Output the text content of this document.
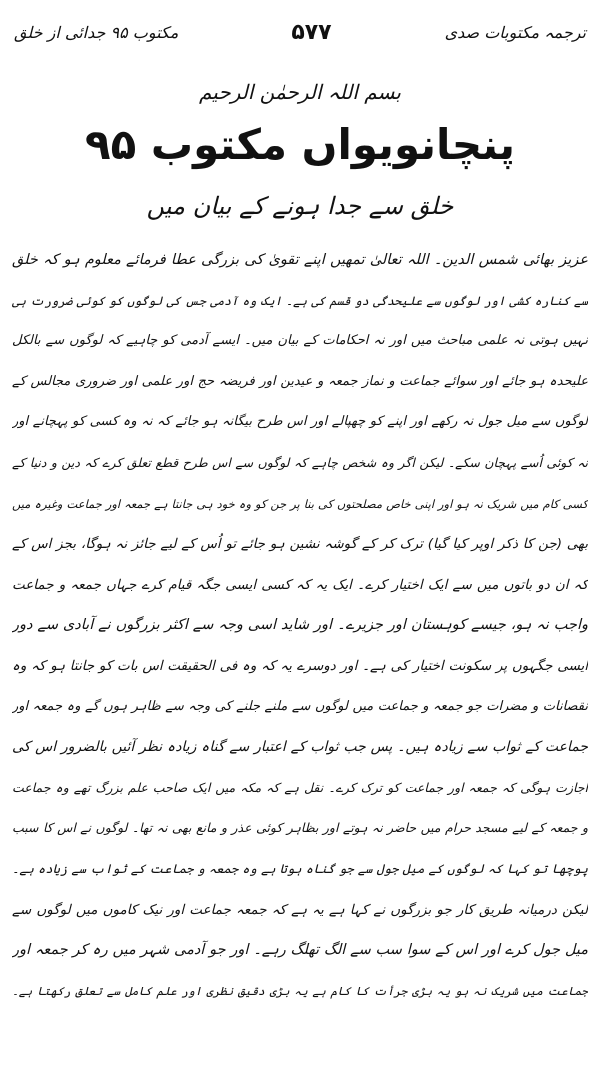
ترجمہ مکتوبات صدی
۵۷۷
مکتوب ۹۵ جدائی از خلق
بسم اللہ الرحمٰن الرحیم
پنچانویواں مکتوب ۹۵
خلق سے جدا ہونے کے بیان میں
عزیز بھائی شمس الدین۔ اللہ تعالیٰ تمھیں اپنے تقویٰ کی بزرگی عطا فرمائے معلوم ہو کہ خلق
سے کنارہ کشی اور لوگوں سے علیحدگی دو قسم کی ہے۔ ایک وہ آدمی جس کی لوگوں کو کوئی ضرورت ہی
نہیں ہوتی نہ علمی مباحث میں اور نہ احکامات کے بیان میں۔ ایسے آدمی کو چاہیے کہ لوگوں سے بالکل
علیحدہ ہو جائے اور سوائے جماعت و نماز جمعہ و عیدین اور فریضہ حج اور علمی اور ضروری مجالس کے
لوگوں سے میل جول نہ رکھے اور اپنے کو چھپالے اور اس طرح بیگانہ ہو جائے کہ نہ وہ کسی کو پہچانے اور
نہ کوئی اُسے پہچان سکے۔ لیکن اگر وہ شخص چاہے کہ لوگوں سے اس طرح قطع تعلق کرے کہ دین و دنیا کے
کسی کام میں شریک نہ ہو اور اپنی خاص مصلحتوں کی بنا پر جن کو وہ خود ہی جانتا ہے جمعہ اور جماعت وغیرہ میں
بھی (جن کا ذکر اوپر کیا گیا) ترک کر کے گوشہ نشین ہو جائے تو اُس کے لیے جائز نہ ہوگا، بجز اس کے
کہ ان دو باتوں میں سے ایک اختیار کرے۔ ایک یہ کہ کسی ایسی جگہ قیام کرے جہاں جمعہ و جماعت
واجب نہ ہو، جیسے کوہستان اور جزیرے۔ اور شاید اسی وجہ سے اکثر بزرگوں نے آبادی سے دور
ایسی جگہوں پر سکونت اختیار کی ہے۔ اور دوسرے یہ کہ وہ فی الحقیقت اس بات کو جانتا ہو کہ وہ
نقصانات و مضرات جو جمعہ و جماعت میں لوگوں سے ملنے جلنے کی وجہ سے ظاہر ہوں گے وہ جمعہ اور
جماعت کے ثواب سے زیادہ ہیں۔ پس جب ثواب کے اعتبار سے گناہ زیادہ نظر آئیں بالضرور اس کی
اجازت ہوگی کہ جمعہ اور جماعت کو ترک کرے۔ نقل ہے کہ مکہ میں ایک صاحب علم بزرگ تھے وہ جماعت
و جمعہ کے لیے مسجد حرام میں حاضر نہ ہوتے اور بظاہر کوئی عذر و مانع بھی نہ تھا۔ لوگوں نے اس کا سبب
پوچھا تو کہا کہ لوگوں کے میل جول سے جو گناہ ہوتا ہے وہ جمعہ و جماعت کے ثواب سے زیادہ ہے۔
لیکن درمیانہ طریق کار جو بزرگوں نے کہا ہے یہ ہے کہ جمعہ جماعت اور نیک کاموں میں لوگوں سے
میل جول کرے اور اس کے سوا سب سے الگ تھلگ رہے۔ اور جو آدمی شہر میں رہ کر جمعہ اور
جماعت میں شریک نہ ہو یہ بڑی جرأت کا کام ہے یہ بڑی دقیق نظری اور علم کامل سے تعلق رکھتا ہے۔
